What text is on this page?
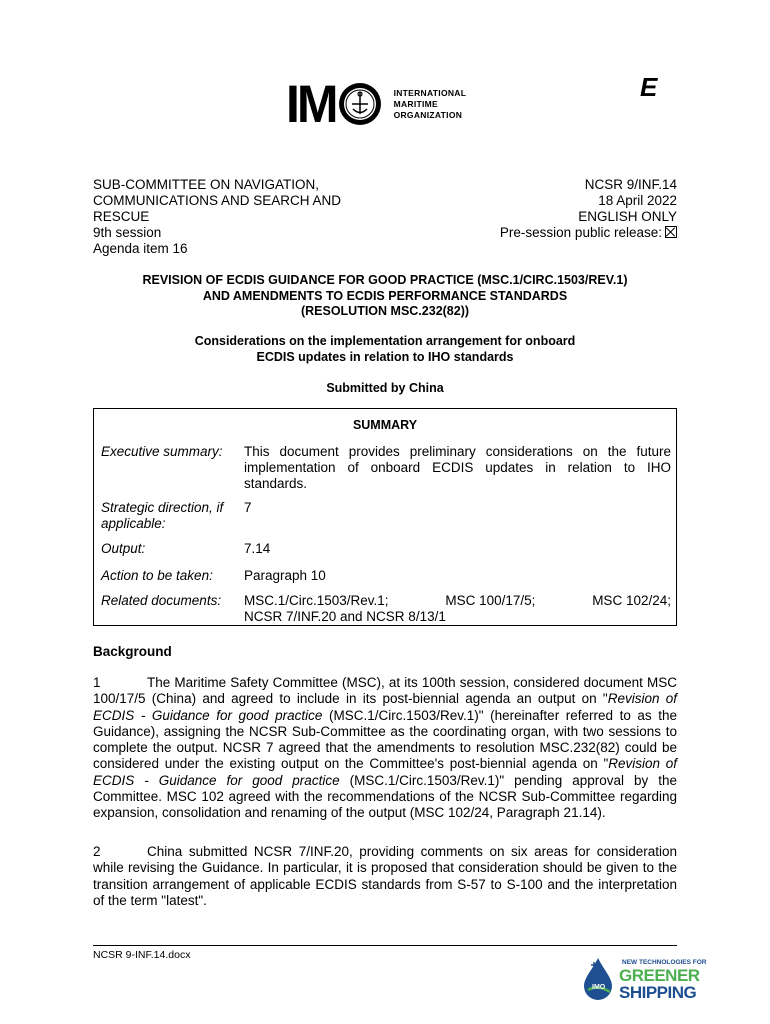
E
I M	INTERNATIONAL
MARITIME
ORGANIZATION
SUB-COMMITTEE ON NAVIGATION,
COMMUNICATIONS AND SEARCH AND
RESCUE
9th session
Agenda item 16
NCSR 9/INF.14
18 April 2022
ENGLISH ONLY
Pre-session public release:
REVISION OF ECDIS GUIDANCE FOR GOOD PRACTICE (MSC.1/CIRC.1503/REV.1)
AND AMENDMENTS TO ECDIS PERFORMANCE STANDARDS
(RESOLUTION MSC.232(82))
Considerations on the implementation arrangement for onboard
ECDIS updates in relation to IHO standards
Submitted by China
SUMMARY
Executive summary:	This document provides preliminary considerations on the future implementation of onboard ECDIS updates in relation to IHO standards.
Strategic direction, if applicable:
7
Output:	7.14
Action to be taken:	Paragraph 10
Related documents:	MSC.1/Circ.1503/Rev.1;	MSC 100/17/5;	MSC 102/24;
NCSR 7/INF.20 and NCSR 8/13/1
Background
1	The Maritime Safety Committee (MSC), at its 100th session, considered document MSC 100/17/5 (China) and agreed to include in its post-biennial agenda an output on "Revision of ECDIS - Guidance for good practice (MSC.1/Circ.1503/Rev.1)" (hereinafter referred to as the Guidance), assigning the NCSR Sub-Committee as the coordinating organ, with two sessions to complete the output. NCSR 7 agreed that the amendments to resolution MSC.232(82) could be considered under the existing output on the Committee's post-biennial agenda on "Revision of ECDIS - Guidance for good practice (MSC.1/Circ.1503/Rev.1)" pending approval by the Committee. MSC 102 agreed with the recommendations of the NCSR Sub-Committee regarding expansion, consolidation and renaming of the output (MSC 102/24, Paragraph 21.14).
2	China submitted NCSR 7/INF.20, providing comments on six areas for consideration while revising the Guidance. In particular, it is proposed that consideration should be given to the transition arrangement of applicable ECDIS standards from S-57 to S-100 and the interpretation of the term "latest".
NCSR 9-INF.14.docx
IMO
NEW TECHNOLOGIES FOR
GREENER
SHIPPING
